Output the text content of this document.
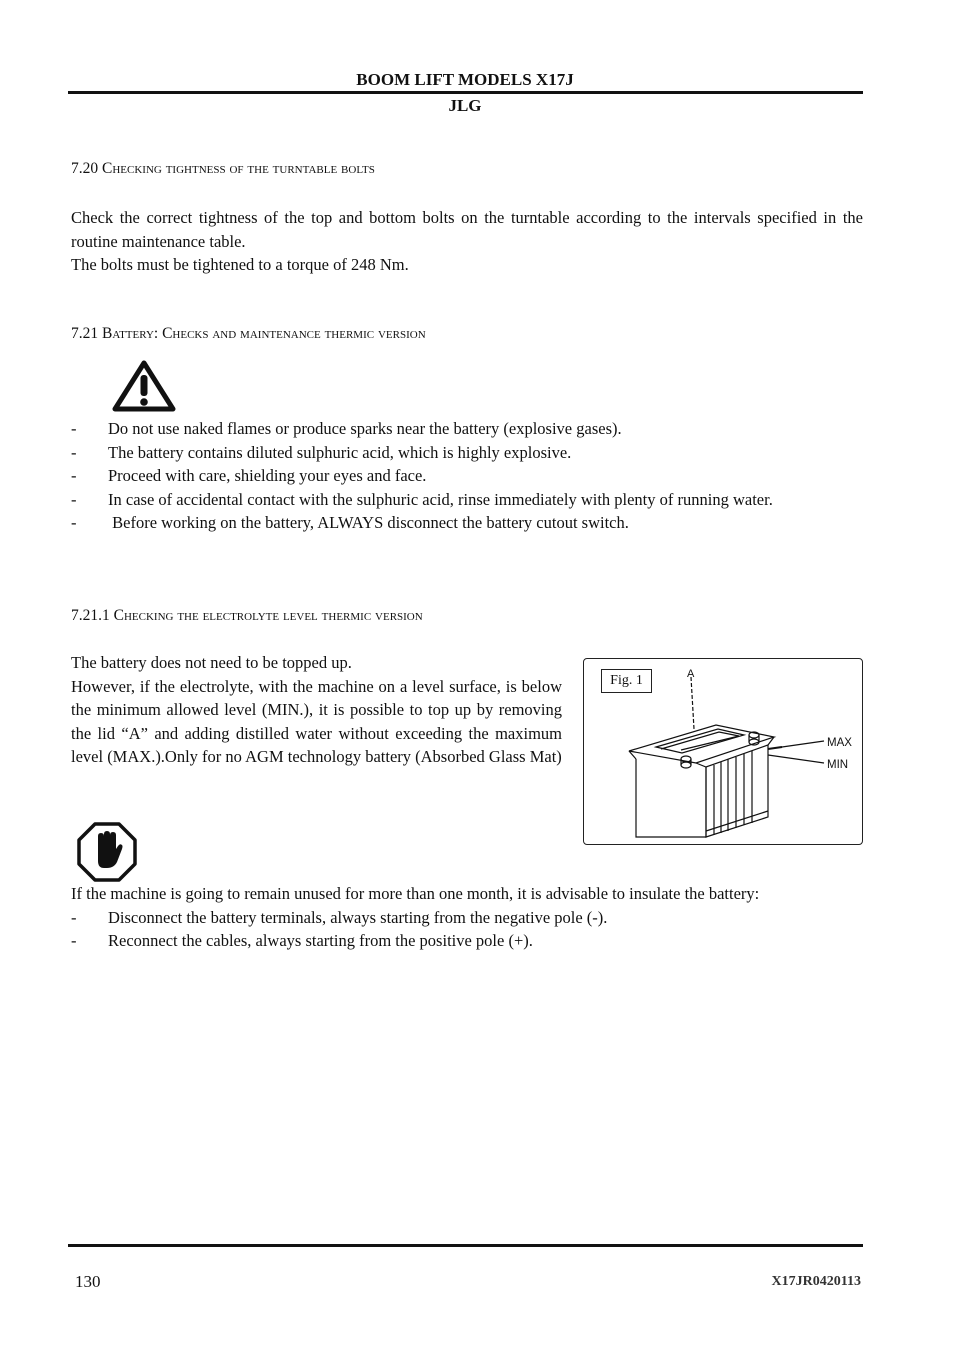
BOOM LIFT MODELS X17J
JLG
7.20 Checking tightness of the turntable bolts

Check the correct tightness of the top and bottom bolts on the turntable according to the intervals specified in the routine maintenance table.

The bolts must be tightened to a torque of 248 Nm.

7.21 Battery: Checks and maintenance thermic version
- Do not use naked flames or produce sparks near the battery (explosive gases).
- The battery contains diluted sulphuric acid, which is highly explosive.
- Proceed with care, shielding your eyes and face.
- In case of accidental contact with the sulphuric acid, rinse immediately with plenty of running water.
- Before working on the battery, ALWAYS disconnect the battery cutout switch.
7.21.1 Checking the electrolyte level thermic version

The battery does not need to be topped up.

However, if the electrolyte, with the machine on a level surface, is below the minimum allowed level (MIN.), it is possible to top up by removing the lid “A” and adding distilled water without exceeding the maximum level (MAX.).Only for no AGM technology battery (Absorbed Glass Mat)

Fig. 1	A
MAX
MIN

If the machine is going to remain unused for more than one month, it is advisable to insulate the battery:

- Disconnect the battery terminals, always starting from the negative pole (-).
- Reconnect the cables, always starting from the positive pole (+).
130	X17JR0420113
